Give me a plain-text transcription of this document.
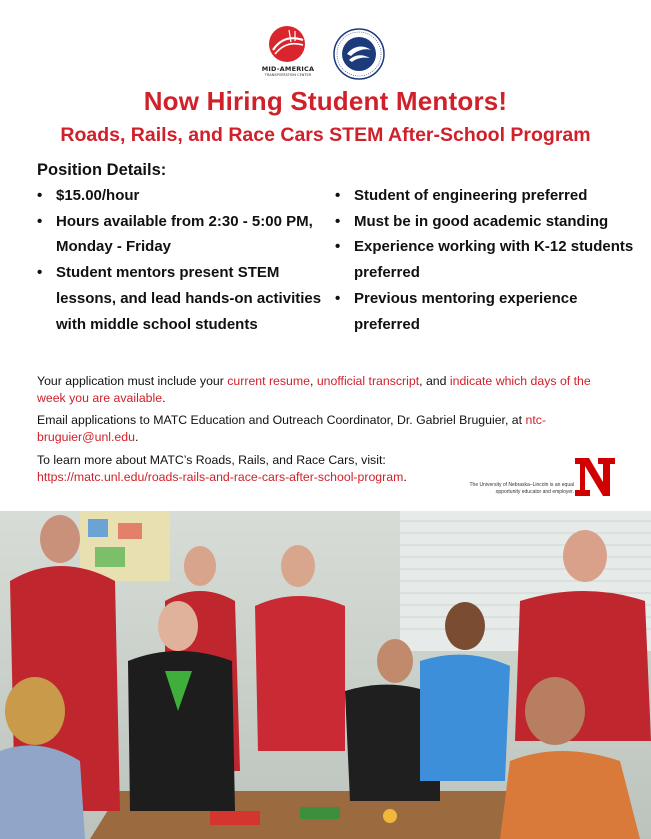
MID-AMERICA
TRANSPORTATION CENTER
Now Hiring Student Mentors!
Roads, Rails, and Race Cars STEM After-School Program
Position Details:
• $15.00/hour
• Hours available from 2:30 - 5:00 PM, Monday - Friday
• Student mentors present STEM lessons, and lead hands-on activities with middle school students
• Student of engineering preferred
• Must be in good academic standing
• Experience working with K-12 students preferred
• Previous mentoring experience preferred

Your application must include your current resume, unofficial transcript, and indicate which days of the week you are available.

Email applications to MATC Education and Outreach Coordinator, Dr. Gabriel Bruguier, at ntc-bruguier@unl.edu.

To learn more about MATC’s Roads, Rails, and Race Cars, visit:
https://matc.unl.edu/roads-rails-and-race-cars-after-school-program.

The University of Nebraska–Lincoln is an equal opportunity educator and employer.
